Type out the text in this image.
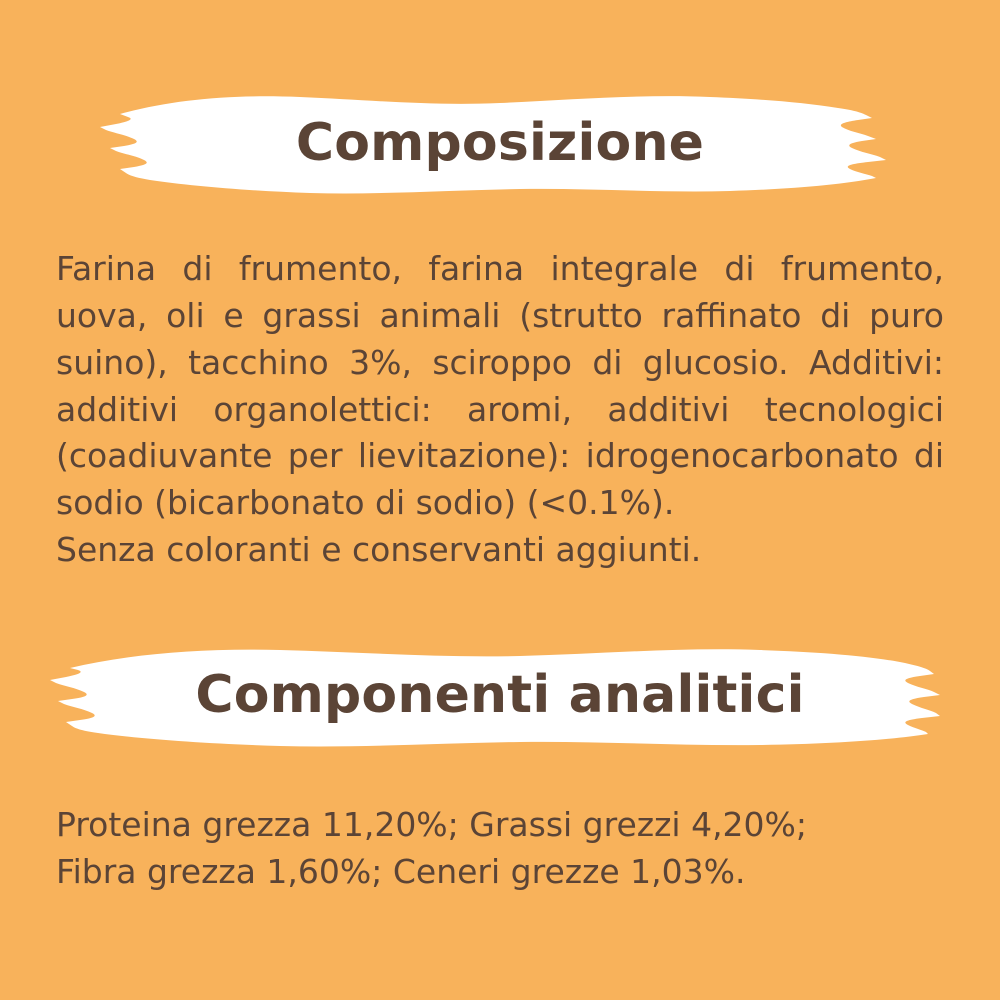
Composizione
Farina di frumento, farina integrale di frumento, uova, oli e grassi animali (strutto raffinato di puro suino), tacchino 3%, sciroppo di glucosio. Additivi: additivi organolettici: aromi, additivi tecnologici (coadiuvante per lievitazione): idrogenocarbonato di sodio (bicarbonato di sodio) (<0.1%).
Senza coloranti e conservanti aggiunti.
Componenti analitici
Proteina grezza 11,20%; Grassi grezzi 4,20%;
Fibra grezza 1,60%; Ceneri grezze 1,03%.
